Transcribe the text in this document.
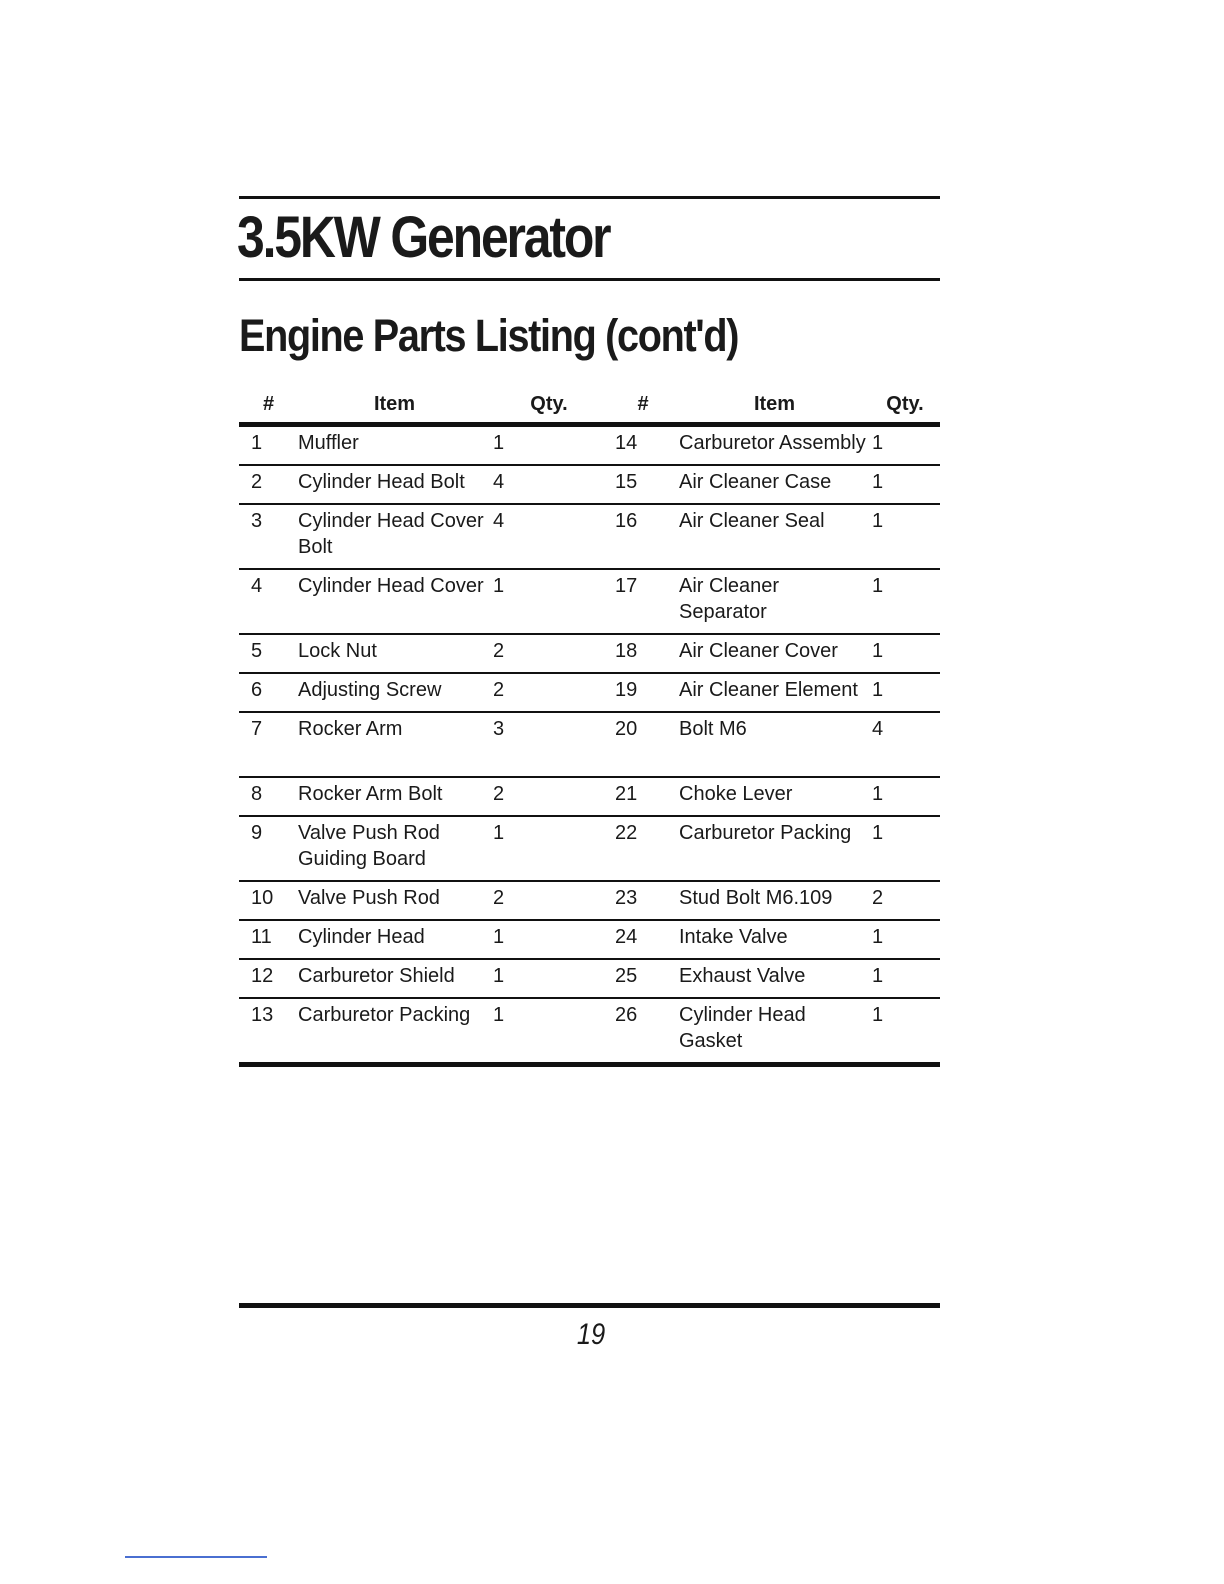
3.5KW Generator
Engine Parts Listing (cont'd)
#	Item	Qty.	#	Item	Qty.
1	Muffler	1	14	Carburetor Assembly	1
2	Cylinder Head Bolt	4	15	Air Cleaner Case	1
3	Cylinder Head Cover Bolt	4	16	Air Cleaner Seal	1
4	Cylinder Head Cover	1	17	Air Cleaner Separator	1
5	Lock Nut	2	18	Air Cleaner Cover	1
6	Adjusting Screw	2	19	Air Cleaner Element	1
7	Rocker Arm	3	20	Bolt M6	4
8	Rocker Arm Bolt	2	21	Choke Lever	1
9	Valve Push Rod Guiding Board	1	22	Carburetor Packing	1
10	Valve Push Rod	2	23	Stud Bolt M6.109	2
11	Cylinder Head	1	24	Intake Valve	1
12	Carburetor Shield	1	25	Exhaust Valve	1
13	Carburetor Packing	1	26	Cylinder Head Gasket	1
19
